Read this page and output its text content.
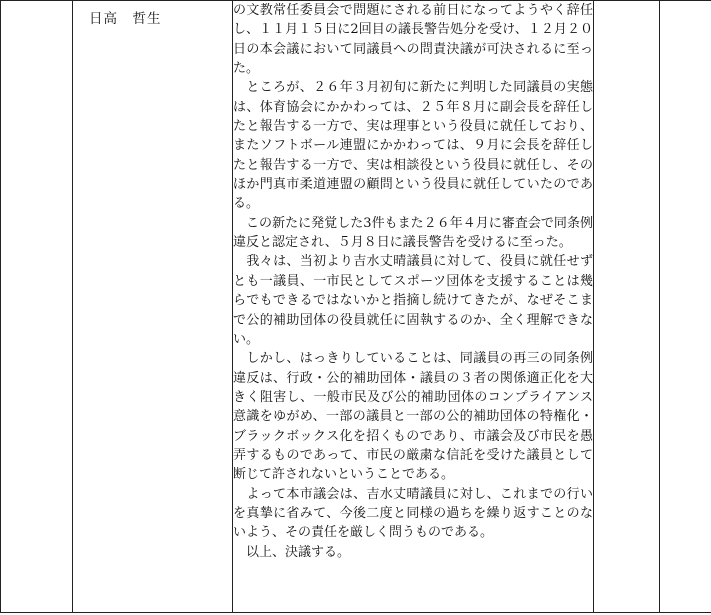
日高　哲生

の文教常任委員会で問題にされる前日になってようやく辞任し、１１月１５日に2回目の議長警告処分を受け、１２月２０日の本会議において同議員への問責決議が可決されるに至った。

　ところが、２６年３月初旬に新たに判明した同議員の実態は、体育協会にかかわっては、２５年８月に副会長を辞任したと報告する一方で、実は理事という役員に就任しており、またソフトボール連盟にかかわっては、９月に会長を辞任したと報告する一方で、実は相談役という役員に就任し、そのほか門真市柔道連盟の顧問という役員に就任していたのである。

　この新たに発覚した3件もまた２６年４月に審査会で同条例違反と認定され、５月８日に議長警告を受けるに至った。

　我々は、当初より吉水丈晴議員に対して、役員に就任せずとも一議員、一市民としてスポーツ団体を支援することは幾らでもできるではないかと指摘し続けてきたが、なぜそこまで公的補助団体の役員就任に固執するのか、全く理解できない。

　しかし、はっきりしていることは、同議員の再三の同条例違反は、行政・公的補助団体・議員の３者の関係適正化を大きく阻害し、一般市民及び公的補助団体のコンプライアンス意識をゆがめ、一部の議員と一部の公的補助団体の特権化・ブラックボックス化を招くものであり、市議会及び市民を愚弄するものであって、市民の厳粛な信託を受けた議員として断じて許されないということである。

　よって本市議会は、吉水丈晴議員に対し、これまでの行いを真摯に省みて、今後二度と同様の過ちを繰り返すことのないよう、その責任を厳しく問うものである。

　以上、決議する。
